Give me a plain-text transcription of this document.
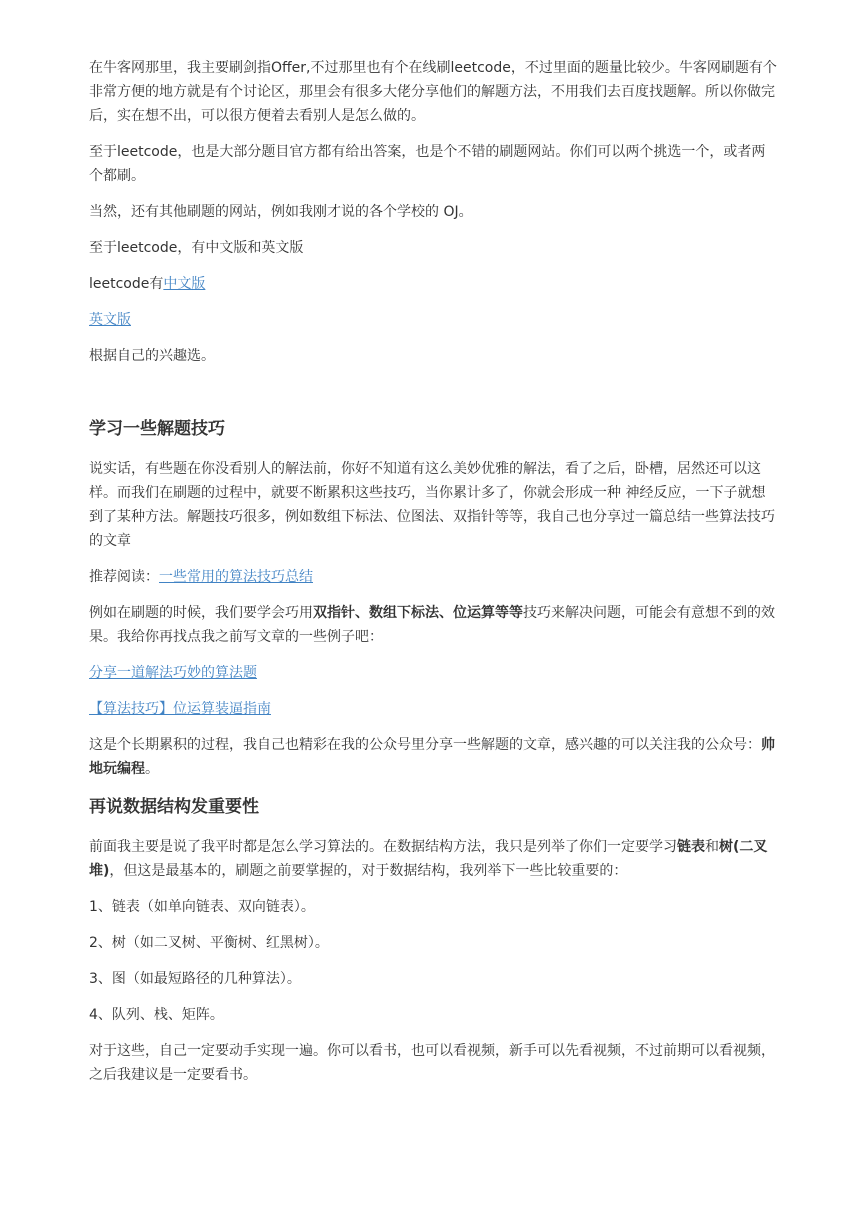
在牛客网那里，我主要刷剑指Offer,不过那里也有个在线刷leetcode，不过里面的题量比较少。牛客网刷题有个非常方便的地方就是有个讨论区，那里会有很多大佬分享他们的解题方法，不用我们去百度找题解。所以你做完后，实在想不出，可以很方便着去看别人是怎么做的。

至于leetcode，也是大部分题目官方都有给出答案，也是个不错的刷题网站。你们可以两个挑选一个，或者两个都刷。

当然，还有其他刷题的网站，例如我刚才说的各个学校的 OJ。

至于leetcode，有中文版和英文版

leetcode有中文版

英文版

根据自己的兴趣选。

学习一些解题技巧

说实话，有些题在你没看别人的解法前，你好不知道有这么美妙优雅的解法，看了之后，卧槽，居然还可以这样。而我们在刷题的过程中，就要不断累积这些技巧，当你累计多了，你就会形成一种 神经反应，一下子就想到了某种方法。解题技巧很多，例如数组下标法、位图法、双指针等等，我自己也分享过一篇总结一些算法技巧的文章

推荐阅读：一些常用的算法技巧总结

例如在刷题的时候，我们要学会巧用双指针、数组下标法、位运算等等技巧来解决问题，可能会有意想不到的效果。我给你再找点我之前写文章的一些例子吧：

分享一道解法巧妙的算法题

【算法技巧】位运算装逼指南

这是个长期累积的过程，我自己也精彩在我的公众号里分享一些解题的文章，感兴趣的可以关注我的公众号：帅地玩编程。

再说数据结构发重要性

前面我主要是说了我平时都是怎么学习算法的。在数据结构方法，我只是列举了你们一定要学习链表和树(二叉堆)，但这是最基本的，刷题之前要掌握的，对于数据结构，我列举下一些比较重要的：

1、链表（如单向链表、双向链表）。

2、树（如二叉树、平衡树、红黑树）。

3、图（如最短路径的几种算法）。

4、队列、栈、矩阵。

对于这些，自己一定要动手实现一遍。你可以看书，也可以看视频，新手可以先看视频，不过前期可以看视频，之后我建议是一定要看书。
